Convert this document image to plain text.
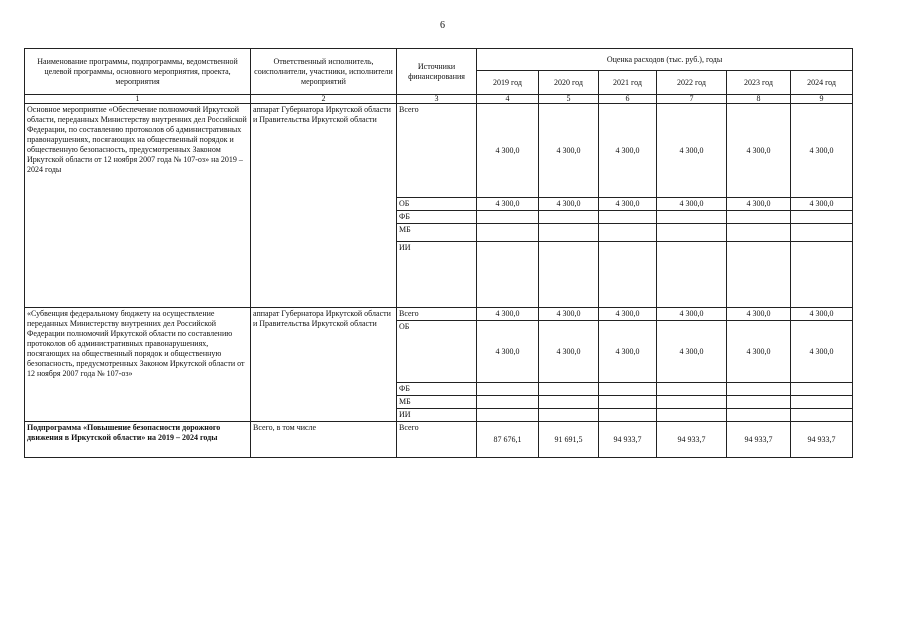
6
Наименование программы, подпрограммы, ведомственной целевой программы, основного мероприятия, проекта, мероприятия	Ответственный исполнитель, соисполнители, участники, исполнители мероприятий	Источники финансирования	Оценка расходов (тыс. руб.), годы					
			2019 год	2020 год	2021 год	2022 год	2023 год	2024 год
1	2	3	4	5	6	7	8	9
Основное мероприятие «Обеспечение полномочий Иркутской области, переданных Министерству внутренних дел Российской Федерации, по составлению протоколов об административных правонарушениях, посягающих на общественный порядок и общественную безопасность, предусмотренных Законом Иркутской области от 12 ноября 2007 года № 107-оз» на 2019 – 2024 годы	аппарат Губернатора Иркутской области и Правительства Иркутской области	Всего	4 300,0	4 300,0	4 300,0	4 300,0	4 300,0	4 300,0
		ОБ	4 300,0	4 300,0	4 300,0	4 300,0	4 300,0	4 300,0
		ФБ						
		МБ						
		ИИ						
«Субвенция федеральному бюджету на осуществление переданных Министерству внутренних дел Российской Федерации полномочий Иркутской области по составлению протоколов об административных правонарушениях, посягающих на общественный порядок и общественную безопасность, предусмотренных Законом Иркутской области от 12 ноября 2007 года № 107-оз»	аппарат Губернатора Иркутской области и Правительства Иркутской области	Всего	4 300,0	4 300,0	4 300,0	4 300,0	4 300,0	4 300,0
		ОБ	4 300,0	4 300,0	4 300,0	4 300,0	4 300,0	4 300,0
		ФБ						
		МБ						
		ИИ						
Подпрограмма «Повышение безопасности дорожного движения в Иркутской области» на 2019 – 2024 годы	Всего, в том числе	Всего	87 676,1	91 691,5	94 933,7	94 933,7	94 933,7	94 933,7
